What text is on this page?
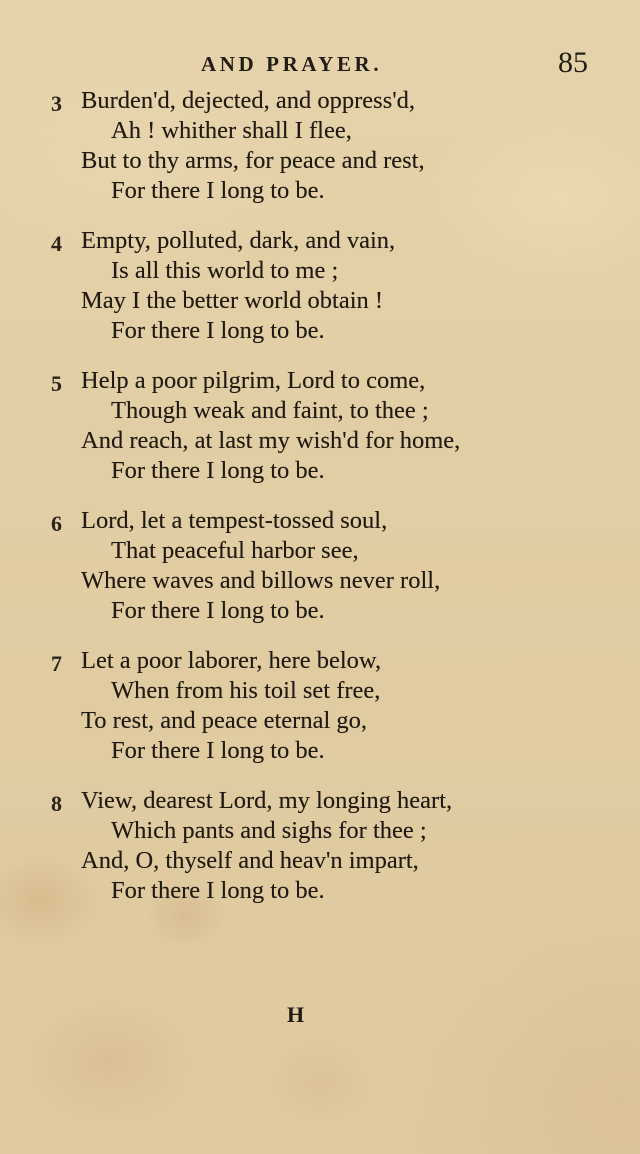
AND PRAYER.	85
3 Burden'd, dejected, and oppress'd,
Ah ! whither shall I flee,
But to thy arms, for peace and rest,
For there I long to be.
4 Empty, polluted, dark, and vain,
Is all this world to me ;
May I the better world obtain !
For there I long to be.
5 Help a poor pilgrim, Lord to come,
Though weak and faint, to thee ;
And reach, at last my wish'd for home,
For there I long to be.
6 Lord, let a tempest-tossed soul,
That peaceful harbor see,
Where waves and billows never roll,
For there I long to be.
7 Let a poor laborer, here below,
When from his toil set free,
To rest, and peace eternal go,
For there I long to be.
8 View, dearest Lord, my longing heart,
Which pants and sighs for thee ;
And, O, thyself and heav'n impart,
For there I long to be.
H
